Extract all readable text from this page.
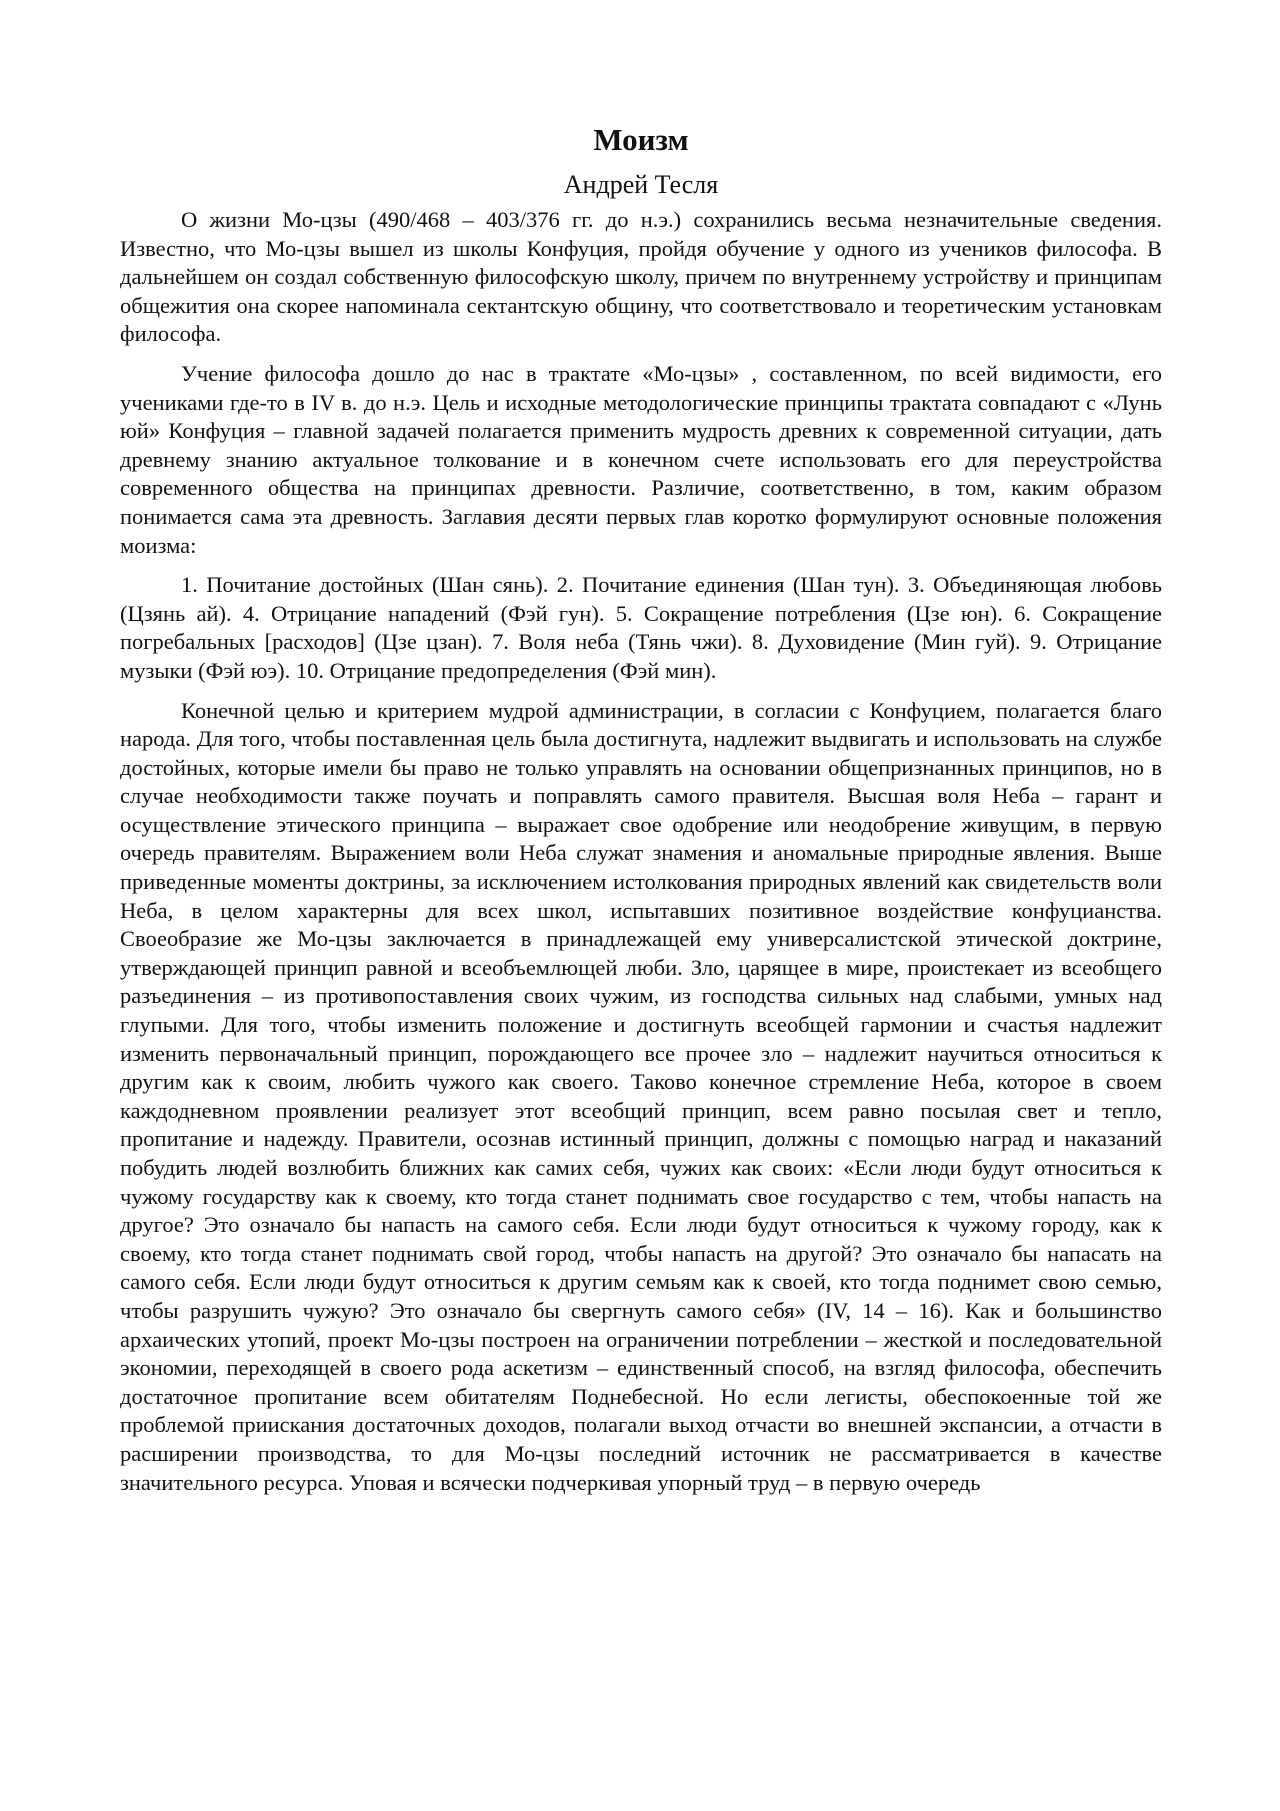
Моизм
Андрей Тесля

О жизни Мо-цзы (490/468 – 403/376 гг. до н.э.) сохранились весьма незначительные сведения. Известно, что Мо-цзы вышел из школы Конфуция, пройдя обучение у одного из учеников философа. В дальнейшем он создал собственную философскую школу, причем по внутреннему устройству и принципам общежития она скорее напоминала сектантскую общину, что соответствовало и теоретическим установкам философа.

Учение философа дошло до нас в трактате «Мо-цзы» , составленном, по всей видимости, его учениками где-то в IV в. до н.э. Цель и исходные методологические принципы трактата совпадают с «Лунь юй» Конфуция – главной задачей полагается применить мудрость древних к современной ситуации, дать древнему знанию актуальное толкование и в конечном счете использовать его для переустройства современного общества на принципах древности. Различие, соответственно, в том, каким образом понимается сама эта древность. Заглавия десяти первых глав коротко формулируют основные положения моизма:

1. Почитание достойных (Шан сянь). 2. Почитание единения (Шан тун). 3. Объединяющая любовь (Цзянь ай). 4. Отрицание нападений (Фэй гун). 5. Сокращение потребления (Цзе юн). 6. Сокращение погребальных [расходов] (Цзе цзан). 7. Воля неба (Тянь чжи). 8. Духовидение (Мин гуй). 9. Отрицание музыки (Фэй юэ). 10. Отрицание предопределения (Фэй мин).

Конечной целью и критерием мудрой администрации, в согласии с Конфуцием, полагается благо народа. Для того, чтобы поставленная цель была достигнута, надлежит выдвигать и использовать на службе достойных, которые имели бы право не только управлять на основании общепризнанных принципов, но в случае необходимости также поучать и поправлять самого правителя. Высшая воля Неба – гарант и осуществление этического принципа – выражает свое одобрение или неодобрение живущим, в первую очередь правителям. Выражением воли Неба служат знамения и аномальные природные явления. Выше приведенные моменты доктрины, за исключением истолкования природных явлений как свидетельств воли Неба, в целом характерны для всех школ, испытавших позитивное воздействие конфуцианства. Своеобразие же Мо-цзы заключается в принадлежащей ему универсалистской этической доктрине, утверждающей принцип равной и всеобъемлющей люби. Зло, царящее в мире, проистекает из всеобщего разъединения – из противопоставления своих чужим, из господства сильных над слабыми, умных над глупыми. Для того, чтобы изменить положение и достигнуть всеобщей гармонии и счастья надлежит изменить первоначальный принцип, порождающего все прочее зло – надлежит научиться относиться к другим как к своим, любить чужого как своего. Таково конечное стремление Неба, которое в своем каждодневном проявлении реализует этот всеобщий принцип, всем равно посылая свет и тепло, пропитание и надежду. Правители, осознав истинный принцип, должны с помощью наград и наказаний побудить людей возлюбить ближних как самих себя, чужих как своих: «Если люди будут относиться к чужому государству как к своему, кто тогда станет поднимать свое государство с тем, чтобы напасть на другое? Это означало бы напасть на самого себя. Если люди будут относиться к чужому городу, как к своему, кто тогда станет поднимать свой город, чтобы напасть на другой? Это означало бы напасать на самого себя. Если люди будут относиться к другим семьям как к своей, кто тогда поднимет свою семью, чтобы разрушить чужую? Это означало бы свергнуть самого себя» (IV, 14 – 16). Как и большинство архаических утопий, проект Мо-цзы построен на ограничении потреблении – жесткой и последовательной экономии, переходящей в своего рода аскетизм – единственный способ, на взгляд философа, обеспечить достаточное пропитание всем обитателям Поднебесной. Но если легисты, обеспокоенные той же проблемой приискания достаточных доходов, полагали выход отчасти во внешней экспансии, а отчасти в расширении производства, то для Мо-цзы последний источник не рассматривается в качестве значительного ресурса. Уповая и всячески подчеркивая упорный труд – в первую очередь
